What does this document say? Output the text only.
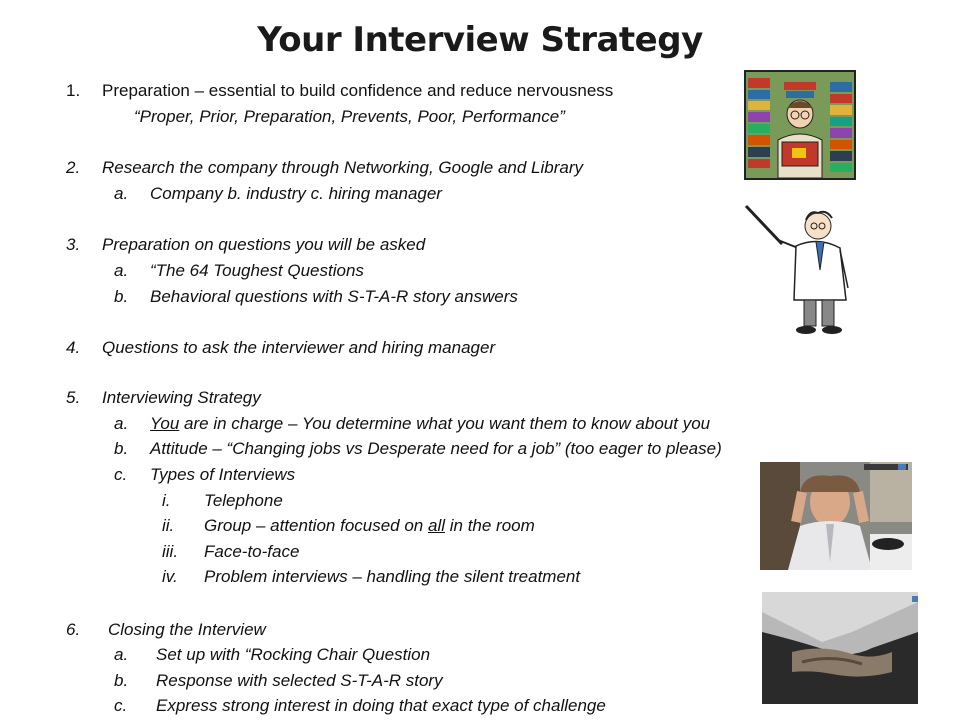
Your Interview Strategy
1. Preparation – essential to build confidence and reduce nervousness
“Proper, Prior, Preparation, Prevents, Poor, Performance”
2. Research the company through Networking, Google and Library
a. Company b. industry c. hiring manager
3. Preparation on questions you will be asked
a. “The 64 Toughest Questions
b. Behavioral questions with S-T-A-R story answers
4. Questions to ask the interviewer and hiring manager
5. Interviewing Strategy
a. You are in charge – You determine what you want them to know about you
b. Attitude – “Changing jobs vs Desperate need for a job” (too eager to please)
c. Types of Interviews
i. Telephone
ii. Group – attention focused on all in the room
iii. Face-to-face
iv. Problem interviews – handling the silent treatment
6. Closing the Interview
a. Set up with “Rocking Chair Question
b. Response with selected S-T-A-R story
c. Express strong interest in doing that exact type of challenge
